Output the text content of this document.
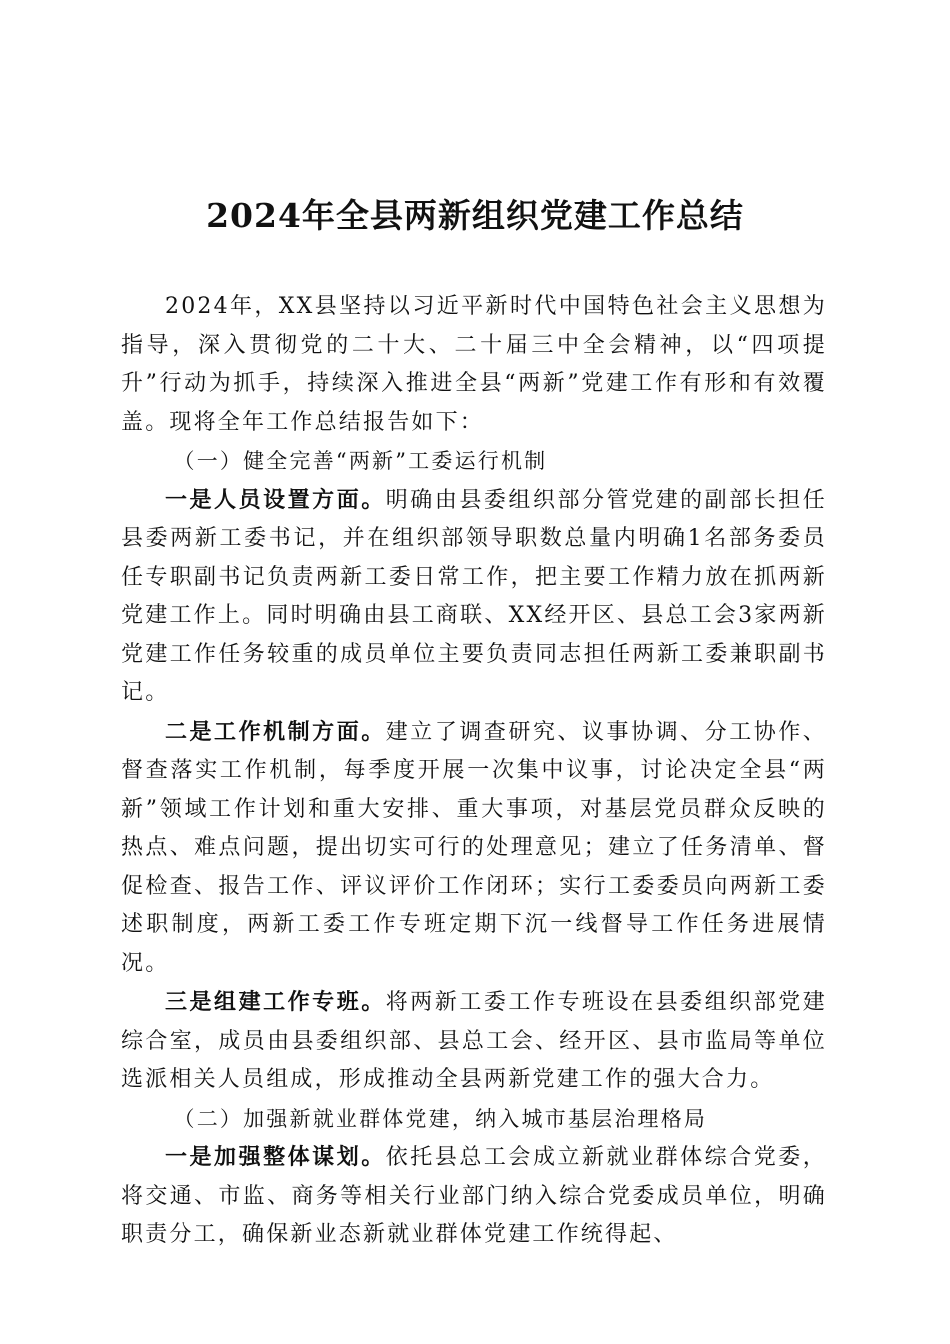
2024年全县两新组织党建工作总结

2024年，XX县坚持以习近平新时代中国特色社会主义思想为指导，深入贯彻党的二十大、二十届三中全会精神，以“四项提升”行动为抓手，持续深入推进全县“两新”党建工作有形和有效覆盖。现将全年工作总结报告如下：

（一）健全完善“两新”工委运行机制

一是人员设置方面。明确由县委组织部分管党建的副部长担任县委两新工委书记，并在组织部领导职数总量内明确1名部务委员任专职副书记负责两新工委日常工作，把主要工作精力放在抓两新党建工作上。同时明确由县工商联、XX经开区、县总工会3家两新党建工作任务较重的成员单位主要负责同志担任两新工委兼职副书记。

二是工作机制方面。建立了调查研究、议事协调、分工协作、督查落实工作机制，每季度开展一次集中议事，讨论决定全县“两新”领域工作计划和重大安排、重大事项，对基层党员群众反映的热点、难点问题，提出切实可行的处理意见；建立了任务清单、督促检查、报告工作、评议评价工作闭环；实行工委委员向两新工委述职制度，两新工委工作专班定期下沉一线督导工作任务进展情况。

三是组建工作专班。将两新工委工作专班设在县委组织部党建综合室，成员由县委组织部、县总工会、经开区、县市监局等单位选派相关人员组成，形成推动全县两新党建工作的强大合力。

（二）加强新就业群体党建，纳入城市基层治理格局

一是加强整体谋划。依托县总工会成立新就业群体综合党委，将交通、市监、商务等相关行业部门纳入综合党委成员单位，明确职责分工，确保新业态新就业群体党建工作统得起、
